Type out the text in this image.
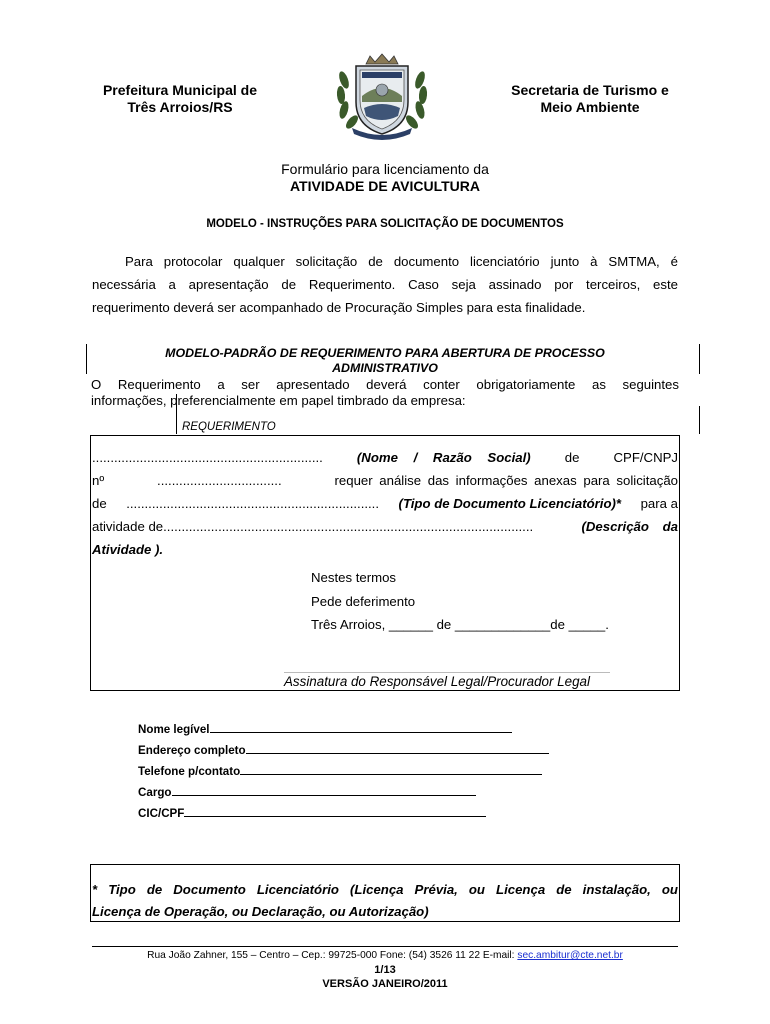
Prefeitura Municipal de
Três Arroios/RS
Secretaria de Turismo e
Meio Ambiente
Formulário para licenciamento da
ATIVIDADE DE AVICULTURA
MODELO - INSTRUÇÕES PARA SOLICITAÇÃO DE DOCUMENTOS
Para protocolar qualquer solicitação de documento licenciatório junto à SMTMA, é
necessária a apresentação de Requerimento. Caso seja assinado por terceiros, este
requerimento deverá ser acompanhado de Procuração Simples para esta finalidade.
MODELO-PADRÃO DE REQUERIMENTO PARA ABERTURA DE PROCESSO
ADMINISTRATIVO
O Requerimento a ser apresentado deverá conter obrigatoriamente as seguintes
informações, preferencialmente em papel timbrado da empresa:
REQUERIMENTO
...............................................................	(Nome / Razão Social)	de	CPF/CNPJ
nº	..................................	requer análise das informações anexas para solicitação
de ..................................................................... (Tipo de Documento Licenciatório)* para a
atividade de.....................................................................................................	(Descrição da
Atividade ).
Nestes termos
Pede deferimento
Três Arroios, ______ de _____________de _____.
Assinatura do Responsável Legal/Procurador Legal
Nome legível
Endereço completo
Telefone p/contato
Cargo
CIC/CPF
* Tipo de Documento Licenciatório (Licença Prévia, ou Licença de instalação, ou
Licença de Operação, ou Declaração, ou Autorização)
Rua João Zahner, 155 – Centro – Cep.: 99725-000 Fone: (54) 3526 11 22 E-mail: sec.ambitur@cte.net.br
1/13
VERSÃO JANEIRO/2011
